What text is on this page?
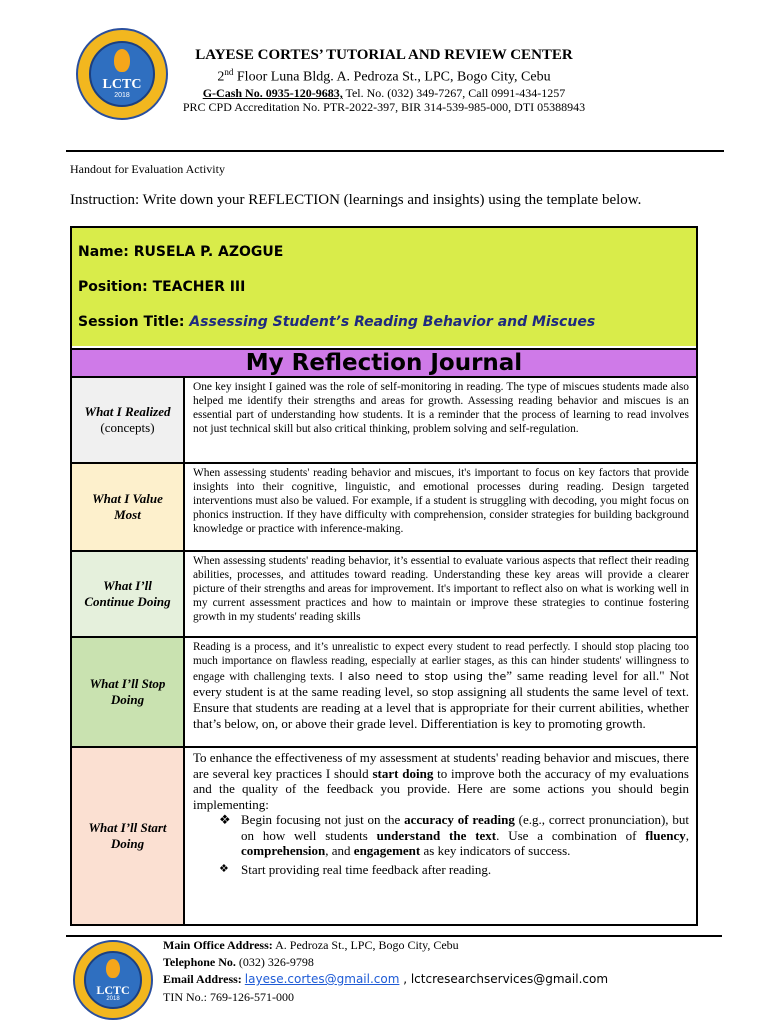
LCTC
2018
LAYESE CORTES’ TUTORIAL AND REVIEW CENTER
2nd Floor Luna Bldg. A. Pedroza St., LPC, Bogo City, Cebu
G-Cash No. 0935-120-9683, Tel. No. (032) 349-7267, Call 0991-434-1257
PRC CPD Accreditation No. PTR-2022-397, BIR 314-539-985-000, DTI 05388943
Handout for Evaluation Activity
Instruction: Write down your REFLECTION (learnings and insights) using the template below.
Name: RUSELA P. AZOGUE
Position: TEACHER III
Session Title: Assessing Student’s Reading Behavior and Miscues
My Reflection Journal
What I Realized
(concepts)
One key insight I gained was the role of self-monitoring in reading. The type of miscues students made also helped me identify their strengths and areas for growth. Assessing reading behavior and miscues is an essential part of understanding how students. It is a reminder that the process of learning to read involves not just technical skill but also critical thinking, problem solving and self-regulation.
What I Value Most
When assessing students' reading behavior and miscues, it's important to focus on key factors that provide insights into their cognitive, linguistic, and emotional processes during reading. Design targeted interventions must also be valued. For example, if a student is struggling with decoding, you might focus on phonics instruction. If they have difficulty with comprehension, consider strategies for building background knowledge or practice with inference-making.
What I’ll Continue Doing
When assessing students' reading behavior, it’s essential to evaluate various aspects that reflect their reading abilities, processes, and attitudes toward reading. Understanding these key areas will provide a clearer picture of their strengths and areas for improvement. It's important to reflect also on what is working well in my current assessment practices and how to maintain or improve these strategies to continue fostering growth in my students' reading skills
What I’ll Stop Doing
Reading is a process, and it’s unrealistic to expect every student to read perfectly. I should stop placing too much importance on flawless reading, especially at earlier stages, as this can hinder students' willingness to engage with challenging texts. I also need to stop using the” same reading level for all." Not every student is at the same reading level, so stop assigning all students the same level of text. Ensure that students are reading at a level that is appropriate for their current abilities, whether that’s below, on, or above their grade level. Differentiation is key to promoting growth.
What I’ll Start Doing
To enhance the effectiveness of my assessment at students' reading behavior and miscues, there are several key practices I should start doing to improve both the accuracy of my evaluations and the quality of the feedback you provide. Here are some actions you should begin implementing:
❖ Begin focusing not just on the accuracy of reading (e.g., correct pronunciation), but on how well students understand the text. Use a combination of fluency, comprehension, and engagement as key indicators of success.
❖ Start providing real time feedback after reading.
LCTC
2018
Main Office Address: A. Pedroza St., LPC, Bogo City, Cebu
Telephone No. (032) 326-9798
Email Address: layese.cortes@gmail.com , lctcresearchservices@gmail.com
TIN No.: 769-126-571-000
